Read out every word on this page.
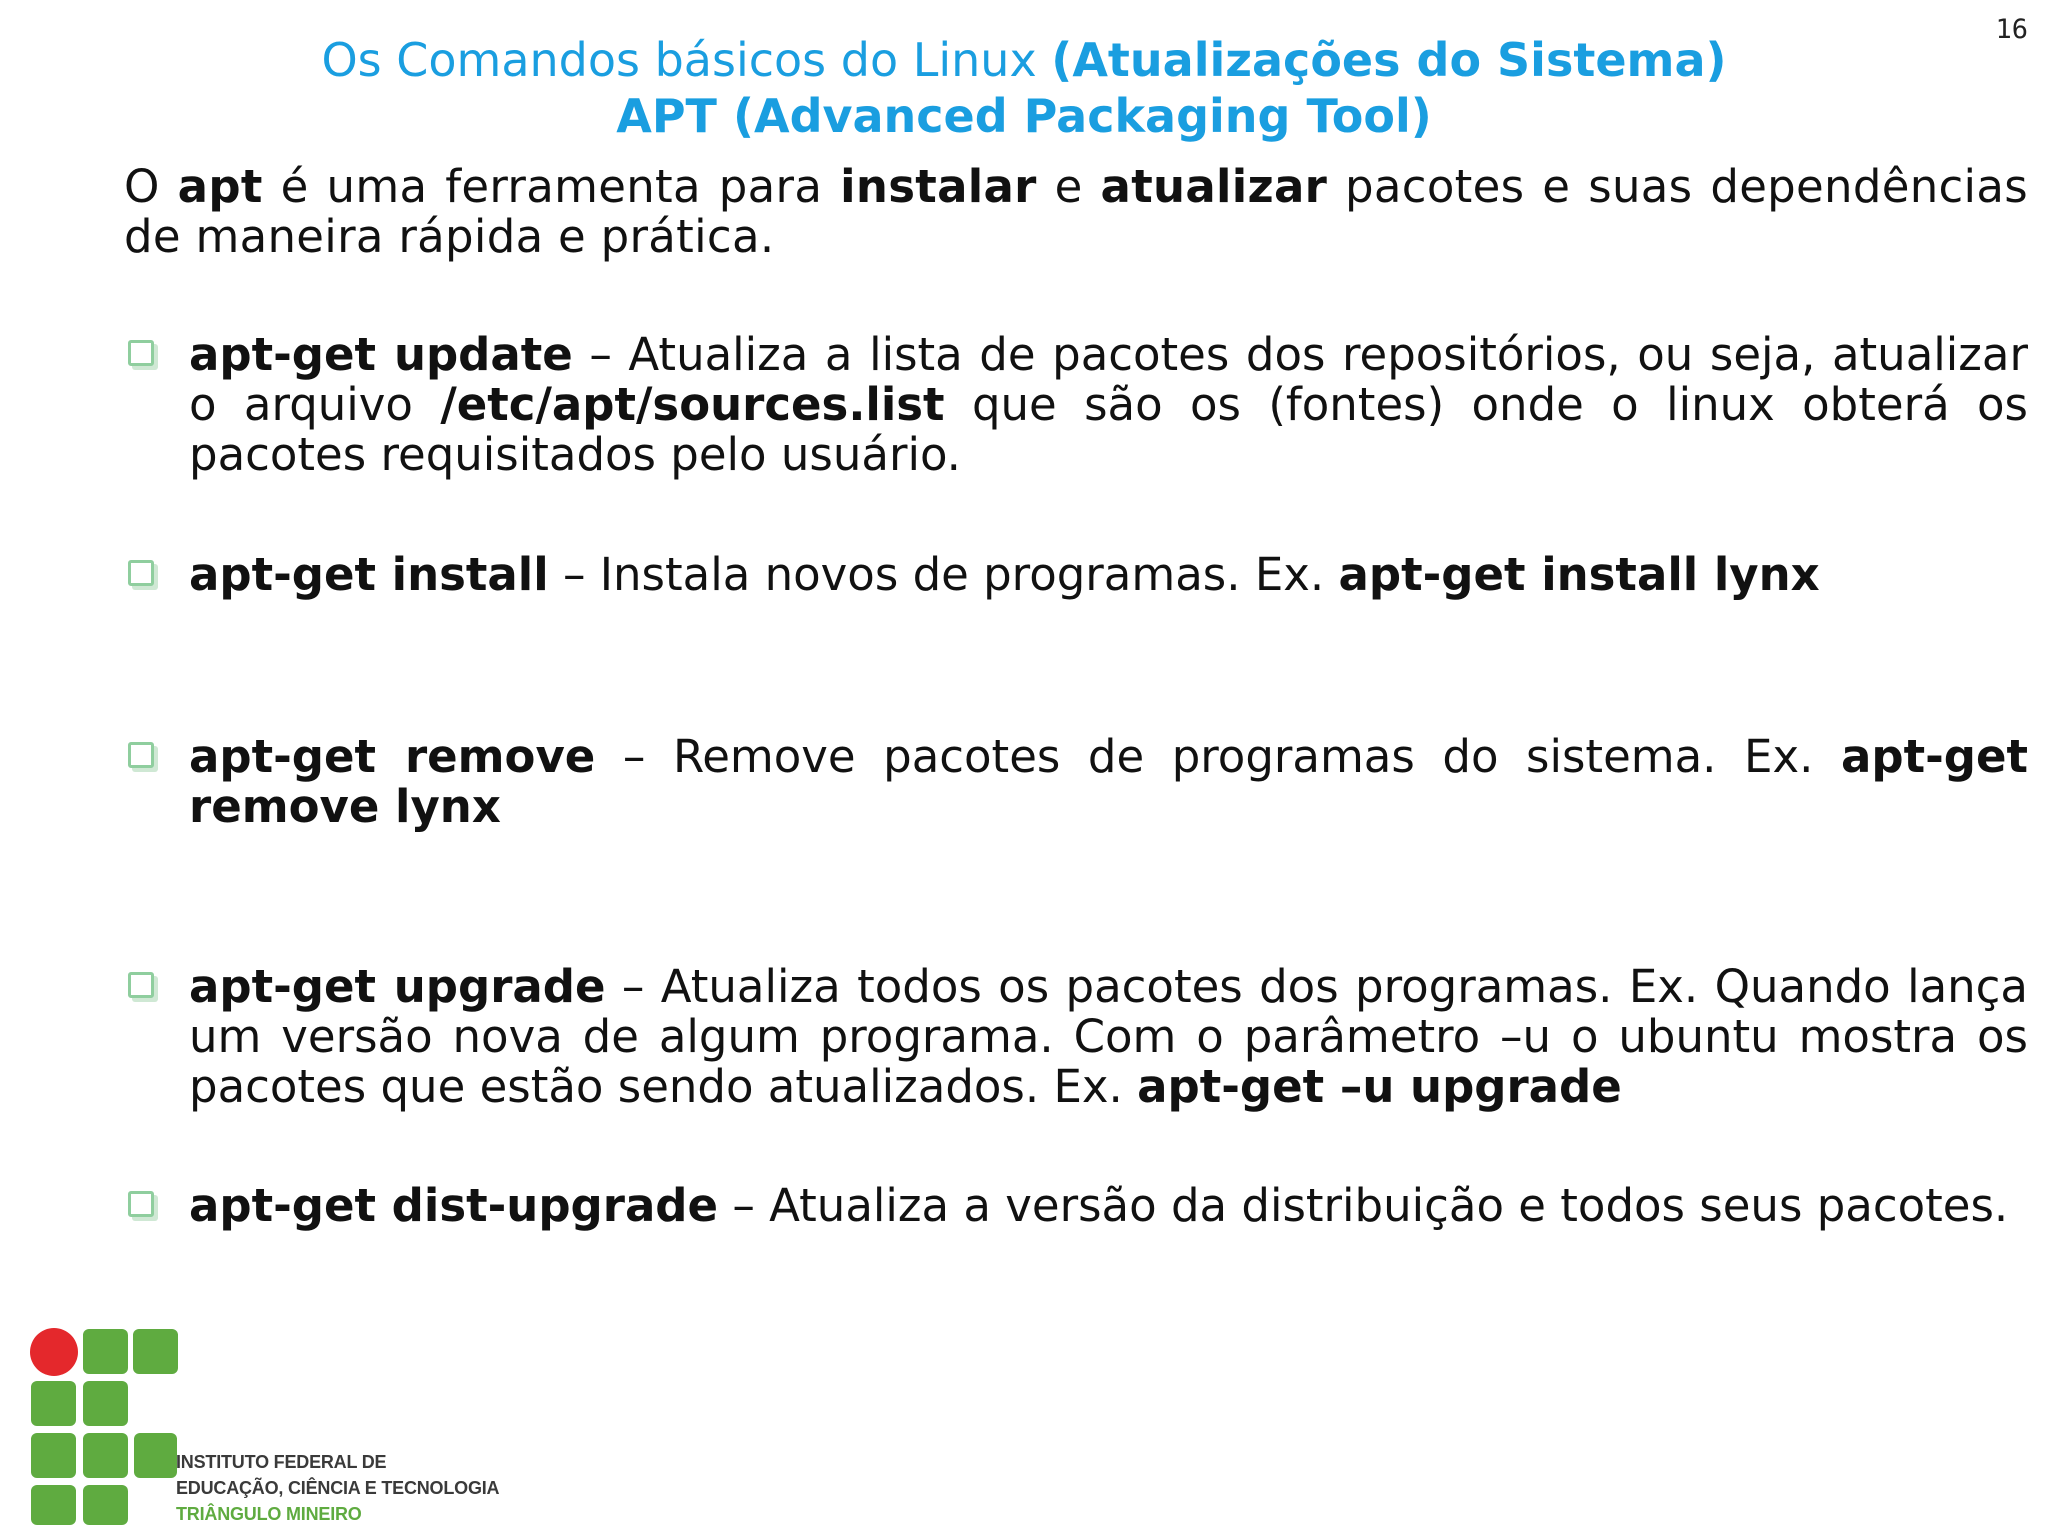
16
Os Comandos básicos do Linux (Atualizações do Sistema)
APT (Advanced Packaging Tool)
O apt é uma ferramenta para instalar e atualizar pacotes e suas dependências de maneira rápida e prática.
apt-get update – Atualiza a lista de pacotes dos repositórios, ou seja, atualizar o arquivo /etc/apt/sources.list que são os (fontes) onde o linux obterá os pacotes requisitados pelo usuário.
apt-get install – Instala novos de programas. Ex. apt-get install lynx
apt-get remove – Remove pacotes de programas do sistema. Ex. apt-get remove lynx
apt-get upgrade – Atualiza todos os pacotes dos programas. Ex. Quando lança um versão nova de algum programa. Com o parâmetro –u o ubuntu mostra os pacotes que estão sendo atualizados. Ex. apt-get –u upgrade
apt-get dist-upgrade – Atualiza a versão da distribuição e todos seus pacotes.
INSTITUTO FEDERAL DE
EDUCAÇÃO, CIÊNCIA E TECNOLOGIA
TRIÂNGULO MINEIRO
